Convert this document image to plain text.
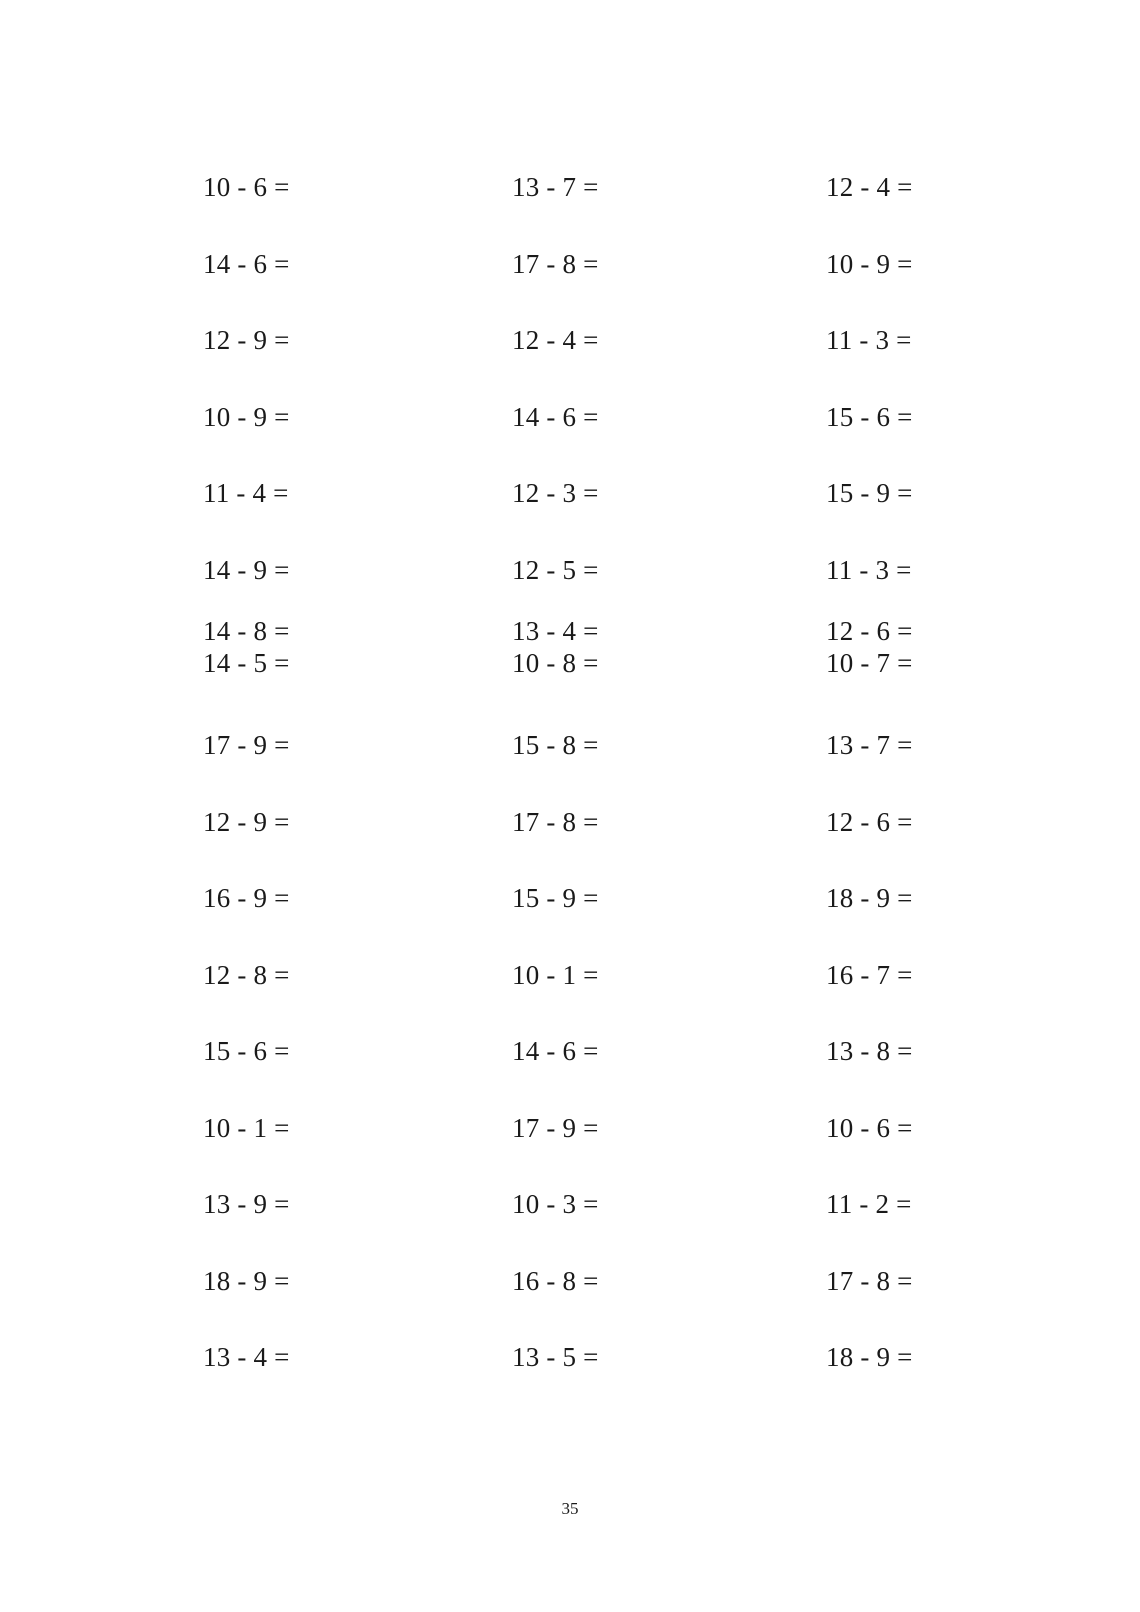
10 - 6 =	13 - 7 =	12 - 4 =
14 - 6 =	17 - 8 =	10 - 9 =
12 - 9 =	12 - 4 =	11 - 3 =
10 - 9 =	14 - 6 =	15 - 6 =
11 - 4 =	12 - 3 =	15 - 9 =
14 - 9 =	12 - 5 =	11 - 3 =
14 - 8 =	13 - 4 =	12 - 6 =
14 - 5 =	10 - 8 =	10 - 7 =
17 - 9 =	15 - 8 =	13 - 7 =
12 - 9 =	17 - 8 =	12 - 6 =
16 - 9 =	15 - 9 =	18 - 9 =
12 - 8 =	10 - 1 =	16 - 7 =
15 - 6 =	14 - 6 =	13 - 8 =
10 - 1 =	17 - 9 =	10 - 6 =
13 - 9 =	10 - 3 =	11 - 2 =
18 - 9 =	16 - 8 =	17 - 8 =
13 - 4 =	13 - 5 =	18 - 9 =
35
